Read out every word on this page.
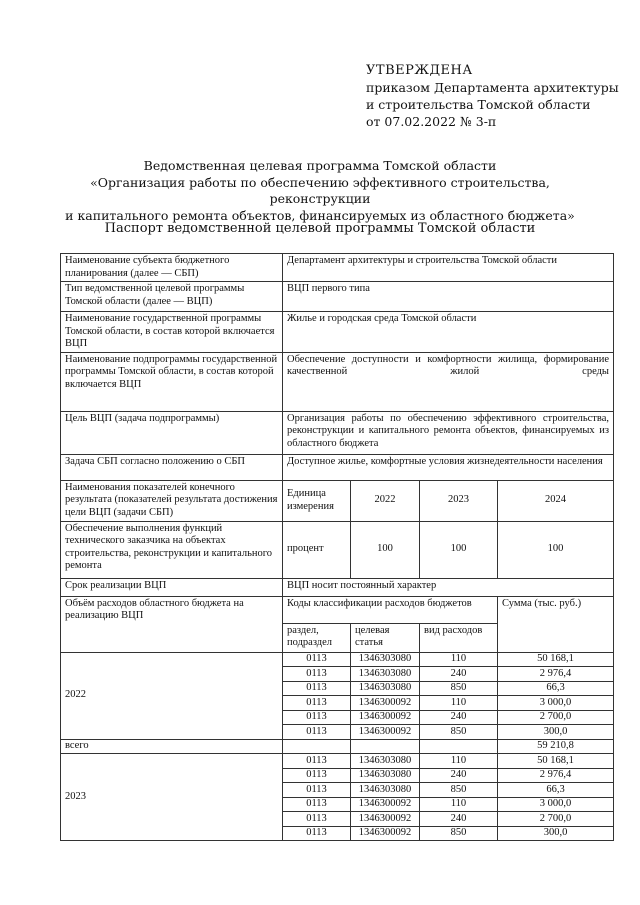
УТВЕРЖДЕНА
приказом Департамента архитектуры
и строительства Томской области
от 07.02.2022 № 3-п
Ведомственная целевая программа Томской области
«Организация работы по обеспечению эффективного строительства, реконструкции
и капитального ремонта объектов, финансируемых из областного бюджета»
Паспорт ведомственной целевой программы Томской области
Наименование субъекта бюджетного планирования (далее — СБП)	Департамент архитектуры и строительства Томской области			
Тип ведомственной целевой программы Томской области (далее — ВЦП)	ВЦП первого типа			
Наименование государственной программы Томской области, в состав которой включается ВЦП	Жилье и городская среда Томской области			
Наименование подпрограммы государственной программы Томской области, в состав которой включается ВЦП	Обеспечение доступности и комфортности жилища, формирование качественной жилой среды			
Цель ВЦП (задача подпрограммы)	Организация работы по обеспечению эффективного строительства, реконструкции и капитального ремонта объектов, финансируемых из областного бюджета			
Задача СБП согласно положению о СБП	Доступное жилье, комфортные условия жизнедеятельности населения			
Наименования показателей конечного результата (показателей результата достижения цели ВЦП (задачи СБП)	Единица измерения	2022	2023	2024
Обеспечение выполнения функций технического заказчика на объектах строительства, реконструкции и капитального ремонта	процент	100	100	100
Срок реализации ВЦП	ВЦП носит постоянный характер			
Объём расходов областного бюджета на реализацию ВЦП	Коды классификации расходов бюджетов			Сумма (тыс. руб.)
	раздел, подраздел	целевая статья	вид расходов	
2022	0113	1346303080	110	50 168,1
	0113	1346303080	240	2 976,4
	0113	1346303080	850	66,3
	0113	1346300092	110	3 000,0
	0113	1346300092	240	2 700,0
	0113	1346300092	850	300,0
всего				59 210,8
2023	0113	1346303080	110	50 168,1
	0113	1346303080	240	2 976,4
	0113	1346303080	850	66,3
	0113	1346300092	110	3 000,0
	0113	1346300092	240	2 700,0
	0113	1346300092	850	300,0
